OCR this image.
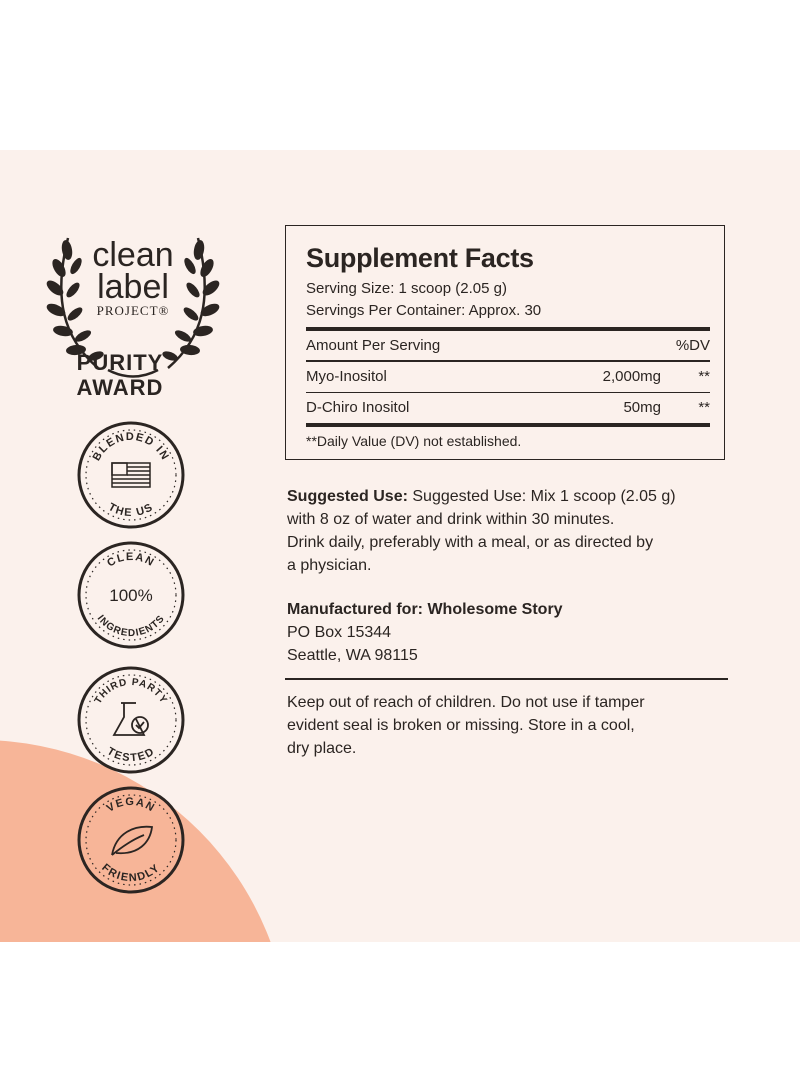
clean
label
PROJECT®
PURITY
AWARD
BLENDED IN
THE US
CLEAN
INGREDIENTS
100%
THIRD PARTY
TESTED
VEGAN
FRIENDLY
Supplement Facts
Serving Size: 1 scoop (2.05 g)
Servings Per Container: Approx. 30
Amount Per Serving	%DV
Myo-Inositol	2,000mg **
D-Chiro Inositol	50mg **
**Daily Value (DV) not established.
Suggested Use: Suggested Use: Mix 1 scoop (2.05 g)
with 8 oz of water and drink within 30 minutes.
Drink daily, preferably with a meal, or as directed by
a physician.
Manufactured for: Wholesome Story
PO Box 15344
Seattle, WA 98115
Keep out of reach of children. Do not use if tamper
evident seal is broken or missing. Store in a cool,
dry place.
